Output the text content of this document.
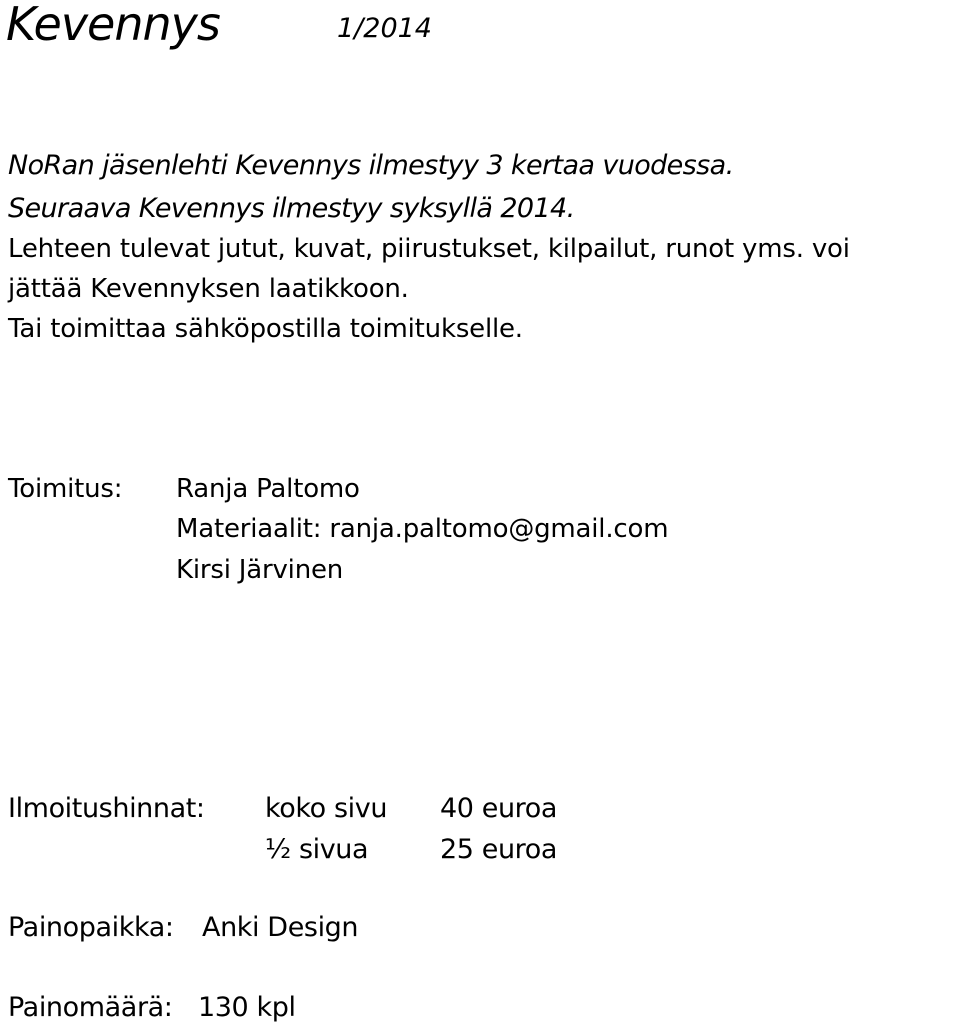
Kevennys	1/2014
NoRan jäsenlehti Kevennys ilmestyy 3 kertaa vuodessa.
Seuraava Kevennys ilmestyy syksyllä 2014.
Lehteen tulevat jutut, kuvat, piirustukset, kilpailut, runot yms. voi
jättää Kevennyksen laatikkoon.
Tai toimittaa sähköpostilla toimitukselle.
Toimitus: Ranja Paltomo
Materiaalit: ranja.paltomo@gmail.com
Kirsi Järvinen
Ilmoitushinnat: koko sivu 40 euroa
½ sivua	25 euroa
Painopaikka: Anki Design
Painomäärä: 130 kpl
